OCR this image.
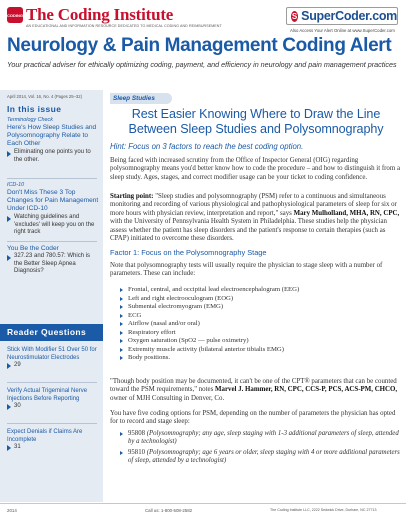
CODING The Coding Institute
AN EDUCATIONAL AND INFORMATION RESOURCE DEDICATED TO MEDICAL CODING AND REIMBURSEMENT
S SuperCoder.com
Also Access Your Alert Online at www.SuperCoder.com
Neurology & Pain Management Coding Alert
Your practical adviser for ethically optimizing coding, payment, and efficiency in neurology and pain management practices
April 2014, Vol. 16, No. 4 (Pages 25–32)
In this issue
Terminology Check
Here's How Sleep Studies and Polysomnography Relate to Each Other
Eliminating one points you to the other.
ICD-10
Don't Miss These 3 Top Changes for Pain Management Under ICD-10
Watching guidelines and 'excludes' will keep you on the right track
You Be the Coder
327.23 and 780.57: Which is the Better Sleep Apnea Diagnosis?
Reader Questions
Stick With Modifier 51 Over 50 for Neurostimulator Electrodes
29
Verify Actual Trigeminal Nerve Injections Before Reporting
30
Expect Denials if Claims Are Incomplete
31
Sleep Studies
Rest Easier Knowing Where to Draw the Line Between Sleep Studies and Polysomnography
Hint: Focus on 3 factors to reach the best coding option.
Being faced with increased scrutiny from the Office of Inspector General (OIG) regarding polysomnography means you'd better know how to code the procedure – and how to distinguish it from a sleep study. Ages, stages, and correct modifier usage can be your ticket to coding confidence.
Starting point: "Sleep studies and polysomnography (PSM) refer to a continuous and simultaneous monitoring and recording of various physiological and pathophysiological parameters of sleep for six or more hours with physician review, interpretation and report," says Mary Mulholland, MHA, RN, CPC, with the University of Pennsylvania Health System in Philadelphia. These studies help the physician assess whether the patient has sleep disorders and the patient's response to certain therapies (such as CPAP) initiated to overcome these disorders.
Factor 1: Focus on the Polysomnography Stage
Note that polysomnography tests will usually require the physician to stage sleep with a number of parameters. These can include:
Frontal, central, and occipital lead electroencephalogram (EEG)
Left and right electrooculogram (EOG)
Submental electromyogram (EMG)
ECG
Airflow (nasal and/or oral)
Respiratory effort
Oxygen saturation (SpO2 — pulse oximetry)
Extremity muscle activity (bilateral anterior tibialis EMG)
Body positions.
"Though body position may be documented, it can't be one of the CPT® parameters that can be counted toward the PSM requirements," notes Marvel J. Hammer, RN, CPC, CCS-P, PCS, ACS-PM, CHCO, owner of MJH Consulting in Denver, Co.
You have five coding options for PSM, depending on the number of parameters the physician has opted for to record and stage sleep:
95808 (Polysomnography; any age, sleep staging with 1-3 additional parameters of sleep, attended by a technologist)
95810 (Polysomnography; age 6 years or older, sleep staging with 4 or more additional parameters of sleep, attended by a technologist)
2014	Call us: 1-800-508-2582	The Coding Institute LLC, 2222 Sedwick Drive, Durham, NC 27713
